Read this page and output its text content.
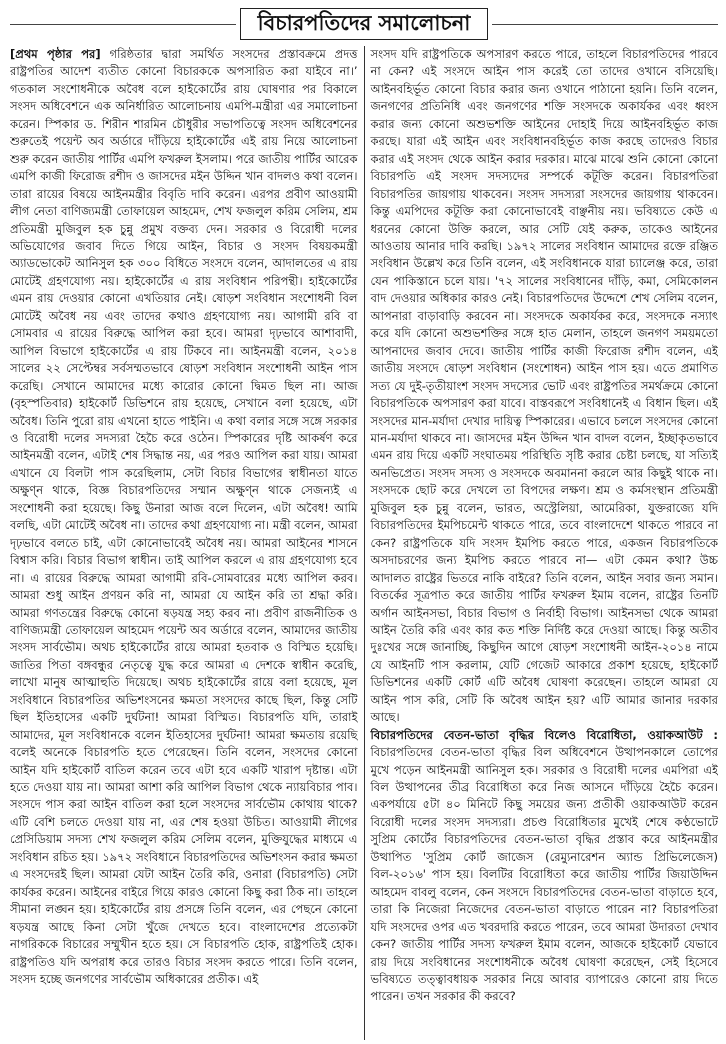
বিচারপতিদের সমালোচনা

[প্রথম পৃষ্ঠার পর] গরিষ্ঠতার দ্বারা সমর্থিত সংসদের প্রস্তাবক্রমে প্রদত্ত রাষ্ট্রপতির আদেশ ব্যতীত কোনো বিচারককে অপসারিত করা যাইবে না।’ গতকাল সংশোধনীকে অবৈধ বলে হাইকোর্টের রায় ঘোষণার পর বিকালে সংসদ অধিবেশনে এক অনির্ধারিত আলোচনায় এমপি-মন্ত্রীরা এর সমালোচনা করেন। স্পিকার ড. শিরীন শারমিন চৌধুরীর সভাপতিত্বে সংসদ অধিবেশনের শুরুতেই পয়েন্ট অব অর্ডারে দাঁড়িয়ে হাইকোর্টের এই রায় নিয়ে আলোচনা শুরু করেন জাতীয় পার্টির এমপি ফখরুল ইসলাম। পরে জাতীয় পার্টির আরেক এমপি কাজী ফিরোজ রশীদ ও জাসদের মইন উদ্দিন খান বাদলও কথা বলেন। তারা রায়ের বিষয়ে আইনমন্ত্রীর বিবৃতি দাবি করেন। এরপর প্রবীণ আওয়ামী লীগ নেতা বাণিজ্যমন্ত্রী তোফায়েল আহমেদ, শেখ ফজলুল করিম সেলিম, শ্রম প্রতিমন্ত্রী মুজিবুল হক চুন্নু প্রমুখ বক্তব্য দেন। সরকার ও বিরোধী দলের অভিযোগের জবাব দিতে গিয়ে আইন, বিচার ও সংসদ বিষয়কমন্ত্রী অ্যাডভোকেট আনিসুল হক ৩০০ বিধিতে সংসদে বলেন, আদালতের এ রায় মোটেই গ্রহণযোগ্য নয়। হাইকোর্টের এ রায় সংবিধান পরিপন্থী। হাইকোর্টের এমন রায় দেওয়ার কোনো এখতিয়ার নেই। ষোড়শ সংবিধান সংশোধনী বিল মোটেই অবৈধ নয় এবং তাদের কথাও গ্রহণযোগ্য নয়। আগামী রবি বা সোমবার এ রায়ের বিরুদ্ধে আপিল করা হবে। আমরা দৃঢ়ভাবে আশাবাদী, আপিল বিভাগে হাইকোর্টের এ রায় টিকবে না। আইনমন্ত্রী বলেন, ২০১৪ সালের ২২ সেপ্টেম্বর সর্বসম্মতভাবে ষোড়শ সংবিধান সংশোধনী আইন পাস করেছি। সেখানে আমাদের মধ্যে কারোর কোনো দ্বিমত ছিল না। আজ (বৃহস্পতিবার) হাইকোর্ট ডিভিশনে রায় হয়েছে, সেখানে বলা হয়েছে, এটা অবৈধ। তিনি পুরো রায় এখনো হাতে পাইনি। এ কথা বলার সঙ্গে সঙ্গে সরকার ও বিরোধী দলের সদস্যরা হৈচৈ করে ওঠেন। স্পিকারের দৃষ্টি আকর্ষণ করে আইনমন্ত্রী বলেন, এটাই শেষ সিদ্ধান্ত নয়, এর পরও আপিল করা যায়। আমরা এখানে যে বিলটা পাস করেছিলাম, সেটা বিচার বিভাগের স্বাধীনতা যাতে অক্ষুণ্ন থাকে, বিজ্ঞ বিচারপতিদের সম্মান অক্ষুণ্ন থাকে সেজন্যই এ সংশোধনী করা হয়েছে। কিছু উনারা আজ বলে দিলেন, এটা অবৈধ! আমি বলছি, এটা মোটেই অবৈধ না। তাদের কথা গ্রহণযোগ্য না। মন্ত্রী বলেন, আমরা দৃঢ়ভাবে বলতে চাই, এটা কোনোভাবেই অবৈধ নয়। আমরা আইনের শাসনে বিশ্বাস করি। বিচার বিভাগ স্বাধীন। তাই আপিল করলে এ রায় গ্রহণযোগ্য হবে না। এ রায়ের বিরুদ্ধে আমরা আগামী রবি-সোমবারের মধ্যে আপিল করব। আমরা শুধু আইন প্রণয়ন করি না, আমরা যে আইন করি তা শ্রদ্ধা করি। আমরা গণতন্ত্রের বিরুদ্ধে কোনো ষড়যন্ত্র সহ্য করব না। প্রবীণ রাজনীতিক ও বাণিজ্যমন্ত্রী তোফায়েল আহমেদ পয়েন্ট অব অর্ডারে বলেন, আমাদের জাতীয় সংসদ সার্বভৌম। অথচ হাইকোর্টের রায়ে আমরা হতবাক ও বিস্মিত হয়েছি। জাতির পিতা বঙ্গবন্ধুর নেতৃত্বে যুদ্ধ করে আমরা এ দেশকে স্বাধীন করেছি, লাখো মানুষ আত্মাহুতি দিয়েছে। অথচ হাইকোর্টের রায়ে বলা হয়েছে, মূল সংবিধানে বিচারপতির অভিশংসনের ক্ষমতা সংসদের কাছে ছিল, কিন্তু সেটি ছিল ইতিহাসের একটি দুর্ঘটনা! আমরা বিস্মিত। বিচারপতি যদি, তারাই আমাদের, মূল সংবিধানকে বলেন ইতিহাসের দুর্ঘটনা! আমরা ক্ষমতায় রয়েছি বলেই অনেকে বিচারপতি হতে পেরেছেন। তিনি বলেন, সংসদের কোনো আইন যদি হাইকোর্ট বাতিল করেন তবে এটা হবে একটি খারাপ দৃষ্টান্ত। এটা হতে দেওয়া যায় না। আমরা আশা করি আপিল বিভাগ থেকে ন্যায়বিচার পাব। সংসদে পাস করা আইন বাতিল করা হলে সংসদের সার্বভৌম কোথায় থাকে? এটি বেশি চলতে দেওয়া যায় না, এর শেষ হওয়া উচিত। আওয়ামী লীগের প্রেসিডিয়াম সদস্য শেখ ফজলুল করিম সেলিম বলেন, মুক্তিযুদ্ধের মাধ্যমে এ সংবিধান রচিত হয়। ১৯৭২ সংবিধানে বিচারপতিদের অভিশংসন করার ক্ষমতা এ সংসদেরই ছিল। আমরা যেটা আইন তৈরি করি, ওনারা (বিচারপতি) সেটা কার্যকর করেন। আইনের বাইরে গিয়ে কারও কোনো কিছু করা ঠিক না। তাহলে সীমানা লঙ্ঘন হয়। হাইকোর্টের রায় প্রসঙ্গে তিনি বলেন, এর পেছনে কোনো ষড়যন্ত্র আছে কিনা সেটা খুঁজে দেখতে হবে। বাংলাদেশের প্রত্যেকটা নাগরিককে বিচারের সম্মুখীন হতে হয়। সে বিচারপতি হোক, রাষ্ট্রপতিই হোক। রাষ্ট্রপতিও যদি অপরাধ করে তারও বিচার সংসদ করতে পারে। তিনি বলেন, সংসদ হচ্ছে জনগণের সার্বভৌম অধিকারের প্রতীক। এই

সংসদ যদি রাষ্ট্রপতিকে অপসারণ করতে পারে, তাহলে বিচারপতিদের পারবে না কেন? এই সংসদে আইন পাস করেই তো তাদের ওখানে বসিয়েছি। আইনবহির্ভূত কোনো বিচার করার জন্য ওখানে পাঠানো হয়নি। তিনি বলেন, জনগণের প্রতিনিধি এবং জনগণের শক্তি সংসদকে অকার্যকর এবং ধ্বংস করার জন্য কোনো অশুভশক্তি আইনের দোহাই দিয়ে আইনবহির্ভূত কাজ করছে। যারা এই আইন এবং সংবিধানবহির্ভূত কাজ করছে তাদেরও বিচার করার এই সংসদ থেকে আইন করার দরকার। মাঝে মাঝে শুনি কোনো কোনো বিচারপতি এই সংসদ সদস্যদের সম্পর্কে কটূক্তি করেন। বিচারপতিরা বিচারপতির জায়গায় থাকবেন। সংসদ সদস্যরা সংসদের জায়গায় থাকবেন। কিন্তু এমপিদের কটূক্তি করা কোনোভাবেই বাঞ্ছনীয় নয়। ভবিষ্যতে কেউ এ ধরনের কোনো উক্তি করলে, আর সেটি যেই করুক, তাকেও আইনের আওতায় আনার দাবি করছি। ১৯৭২ সালের সংবিধান আমাদের রক্তে রঞ্জিত সংবিধান উল্লেখ করে তিনি বলেন, এই সংবিধানকে যারা চ্যালেঞ্জ করে, তারা যেন পাকিস্তানে চলে যায়। '৭২ সালের সংবিধানের দাঁড়ি, কমা, সেমিকোলন বাদ দেওয়ার অধিকার কারও নেই। বিচারপতিদের উদ্দেশে শেখ সেলিম বলেন, আপনারা বাড়াবাড়ি করবেন না। সংসদকে অকার্যকর করে, সংসদকে নস্যাৎ করে যদি কোনো অশুভশক্তির সঙ্গে হাত মেলান, তাহলে জনগণ সময়মতো আপনাদের জবাব দেবে। জাতীয় পার্টির কাজী ফিরোজ রশীদ বলেন, এই জাতীয় সংসদে ষোড়শ সংবিধান (সংশোধন) আইন পাস হয়। এতে প্রমাণিত সত্য যে দুই-তৃতীয়াংশ সংসদ সদস্যের ভোট এবং রাষ্ট্রপতির সমর্থক্রমে কোনো বিচারপতিকে অপসারণ করা যাবে। বাস্তবরূপে সংবিধানেই এ বিধান ছিল। এই সংসদের মান-মর্যাদা দেখার দায়িত্ব স্পিকারের। এভাবে চললে সংসদের কোনো মান-মর্যাদা থাকবে না। জাসদের মইন উদ্দিন খান বাদল বলেন, ইচ্ছাকৃতভাবে এমন রায় দিয়ে একটি সংঘাতময় পরিস্থিতি সৃষ্টি করার চেষ্টা চলছে, যা সত্যিই অনভিপ্রেত। সংসদ সদস্য ও সংসদকে অবমাননা করলে আর কিছুই থাকে না। সংসদকে ছোট করে দেখলে তা বিপদের লক্ষণ। শ্রম ও কর্মসংস্থান প্রতিমন্ত্রী মুজিবুল হক চুন্নু বলেন, ভারত, অস্ট্রেলিয়া, আমেরিকা, যুক্তরাজ্যে যদি বিচারপতিদের ইমপিচমেন্ট থাকতে পারে, তবে বাংলাদেশে থাকতে পারবে না কেন? রাষ্ট্রপতিকে যদি সংসদ ইমপিচ করতে পারে, একজন বিচারপতিকে অসদাচরণের জন্য ইমপিচ করতে পারবে না— এটা কেমন কথা? উচ্চ আদালত রাষ্ট্রের ভিতরে নাকি বাইরে? তিনি বলেন, আইন সবার জন্য সমান। বিতর্কের সূত্রপাত করে জাতীয় পার্টির ফখরুল ইমাম বলেন, রাষ্ট্রের তিনটি অর্গান আইনসভা, বিচার বিভাগ ও নির্বাহী বিভাগ। আইনসভা থেকে আমরা আইন তৈরি করি এবং কার কত শক্তি নির্দিষ্ট করে দেওয়া আছে। কিন্তু অতীব দুঃখের সঙ্গে জানাচ্ছি, কিছুদিন আগে ষোড়শ সংশোধনী আইন-২০১৪ নামে যে আইনটি পাস করলাম, যেটি গেজেট আকারে প্রকাশ হয়েছে, হাইকোর্ট ডিভিশনের একটি কোর্ট এটি অবৈধ ঘোষণা করেছেন। তাহলে আমরা যে আইন পাস করি, সেটি কি অবৈধ আইন হয়? এটি আমার জানার দরকার আছে।

বিচারপতিদের বেতন-ভাতা বৃদ্ধির বিলেও বিরোধিতা, ওয়াকআউট : বিচারপতিদের বেতন-ভাতা বৃদ্ধির বিল অধিবেশনে উত্থাপনকালে তোপের মুখে পড়েন আইনমন্ত্রী আনিসুল হক। সরকার ও বিরোধী দলের এমপিরা এই বিল উত্থাপনের তীব্র বিরোধিতা করে নিজ আসনে দাঁড়িয়ে হৈচৈ করেন। একপর্যায়ে ৫টা ৪০ মিনিটে কিছু সময়ের জন্য প্রতীকী ওয়াকআউট করেন বিরোধী দলের সংসদ সদস্যরা। প্রচণ্ড বিরোধিতার মুখেই শেষে কণ্ঠভোটে সুপ্রিম কোর্টের বিচারপতিদের বেতন-ভাতা বৃদ্ধির প্রস্তাব করে আইনমন্ত্রীর উত্থাপিত 'সুপ্রিম কোর্ট জাজেস (রেম্যুনারেশন অ্যান্ড প্রিভিলেজেস) বিল-২০১৬' পাস হয়। বিলটির বিরোধিতা করে জাতীয় পার্টির জিয়াউদ্দিন আহমেদ বাবলু বলেন, কেন সংসদে বিচারপতিদের বেতন-ভাতা বাড়াতে হবে, তারা কি নিজেরা নিজেদের বেতন-ভাতা বাড়াতে পারেন না? বিচারপতিরা যদি সংসদের ওপর এত খবরদারি করতে পারেন, তবে আমরা উদারতা দেখাব কেন? জাতীয় পার্টির সদস্য ফখরুল ইমাম বলেন, আজকে হাইকোর্ট যেভাবে রায় দিয়ে সংবিধানের সংশোধনীকে অবৈধ ঘোষণা করেছেন, সেই হিসেবে ভবিষ্যতে তত্ত্বাবধায়ক সরকার নিয়ে আবার ব্যাপারেও কোনো রায় দিতে পারেন। তখন সরকার কী করবে?
